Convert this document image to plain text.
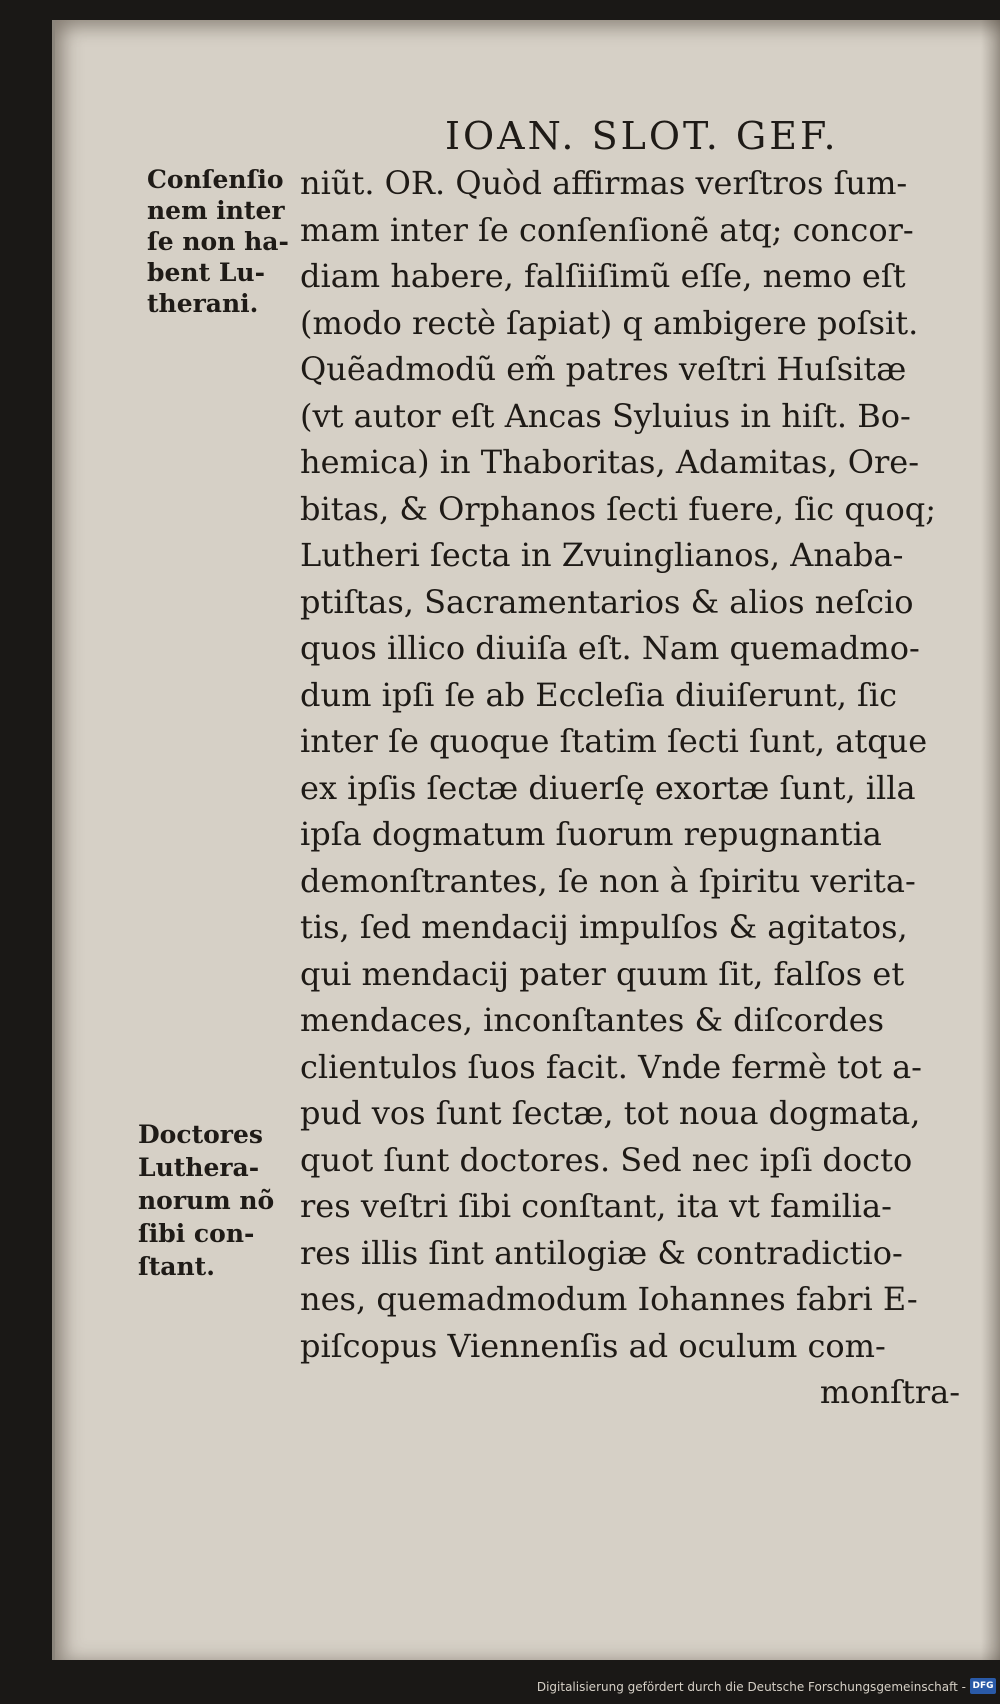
IOAN. SLOT. GEF.
Conſenſio
nem inter
ſe non ha-
bent Lu-
therani.
Doctores
Luthera-
norum nõ
ſibi con-
ſtant.
niũt. OR. Quòd affirmas verſtros ſum-
mam inter ſe conſenſionẽ atq; concor-
diam habere, falſiiſimũ eſſe, nemo eſt
(modo rectè ſapiat) q ambigere poſsit.
Quẽadmodũ em̃ patres veſtri Huſsitæ
(vt autor eſt Ancas Syluius in hiſt. Bo-
hemica) in Thaboritas, Adamitas, Ore-
bitas, & Orphanos ſecti fuere, ſic quoq;
Lutheri ſecta in Zvuinglianos, Anaba-
ptiſtas, Sacramentarios & alios neſcio
quos illico diuiſa eſt. Nam quemadmo-
dum ipſi ſe ab Eccleſia diuiſerunt, ſic
inter ſe quoque ſtatim ſecti ſunt, atque
ex ipſis ſectæ diuerſę exortæ ſunt, illa
ipſa dogmatum ſuorum repugnantia
demonſtrantes, ſe non à ſpiritu verita-
tis, ſed mendacij impulſos & agitatos,
qui mendacij pater quum ſit, falſos et
mendaces, inconſtantes & diſcordes
clientulos ſuos facit. Vnde fermè tot a-
pud vos ſunt ſectæ, tot noua dogmata,
quot ſunt doctores. Sed nec ipſi docto
res veſtri ſibi conſtant, ita vt familia-
res illis ſint antilogiæ & contradictio-
nes, quemadmodum Iohannes fabri E-
piſcopus Viennenſis ad oculum com-
monſtra-
Digitalisierung gefördert durch die Deutsche Forschungsgemeinschaft - DFG
